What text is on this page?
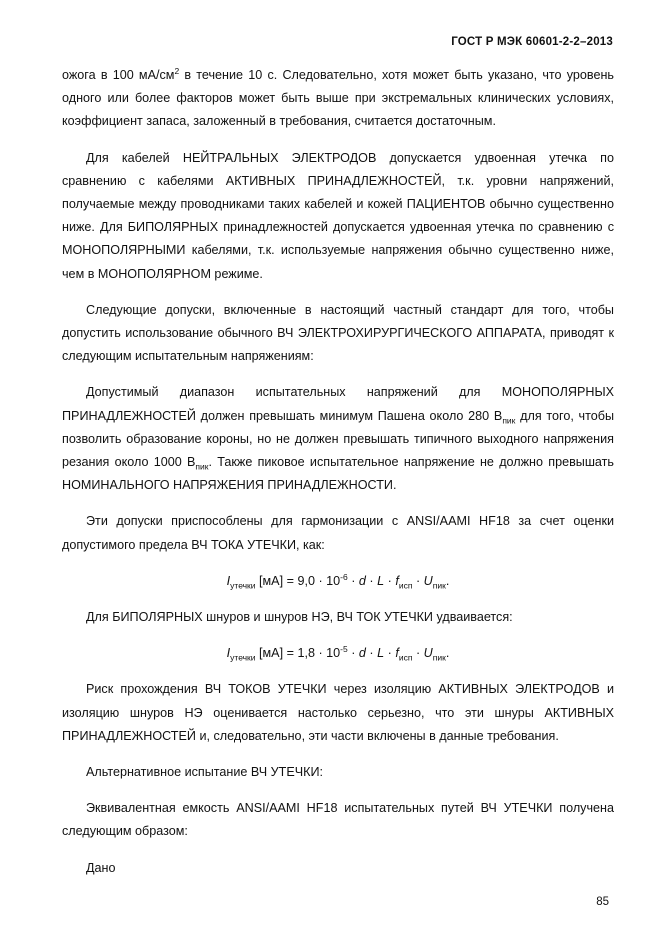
ГОСТ Р МЭК 60601-2-2–2013

ожога в 100 $мА/см^2$ в течение 10 с. Следовательно, хотя может быть указано, что уровень одного или более факторов может быть выше при экстремальных клинических условиях, коэффициент запаса, заложенный в требования, считается достаточным.

Для кабелей НЕЙТРАЛЬНЫХ ЭЛЕКТРОДОВ допускается удвоенная утечка по сравнению с кабелями АКТИВНЫХ ПРИНАДЛЕЖНОСТЕЙ, т.к. уровни напряжений, получаемые между проводниками таких кабелей и кожей ПАЦИЕНТОВ обычно существенно ниже. Для БИПОЛЯРНЫХ принадлежностей допускается удвоенная утечка по сравнению с МОНОПОЛЯРНЫМИ кабелями, т.к. используемые напряжения обычно существенно ниже, чем в МОНОПОЛЯРНОМ режиме.

Следующие допуски, включенные в настоящий частный стандарт для того, чтобы допустить использование обычного ВЧ ЭЛЕКТРОХИРУРГИЧЕСКОГО АППАРАТА, приводят к следующим испытательным напряжениям:

Допустимый диапазон испытательных напряжений для МОНОПОЛЯРНЫХ ПРИНАДЛЕЖНОСТЕЙ должен превышать минимум Пашена около 280 $В_{пик}$ для того, чтобы позволить образование короны, но не должен превышать типичного выходного напряжения резания около 1000 $В_{пик}$. Также пиковое испытательное напряжение не должно превышать НОМИНАЛЬНОГО НАПРЯЖЕНИЯ ПРИНАДЛЕЖНОСТИ.

Эти допуски приспособлены для гармонизации с ANSI/AAMI HF18 за счет оценки допустимого предела ВЧ ТОКА УТЕЧКИ, как:

$I_{утечки}$ $[мА] = 9,0 \cdot 10^{-6} \cdot d \cdot L \cdot f_{исп} \cdot U_{пик}$.

Для БИПОЛЯРНЫХ шнуров и шнуров НЭ, ВЧ ТОК УТЕЧКИ удваивается:

$I_{утечки}$ $[мА] = 1,8 \cdot 10^{-5} \cdot d \cdot L \cdot f_{исп} \cdot U_{пик}$.

Риск прохождения ВЧ ТОКОВ УТЕЧКИ через изоляцию АКТИВНЫХ ЭЛЕКТРОДОВ и изоляцию шнуров НЭ оценивается настолько серьезно, что эти шнуры АКТИВНЫХ ПРИНАДЛЕЖНОСТЕЙ и, следовательно, эти части включены в данные требования.

Альтернативное испытание ВЧ УТЕЧКИ:

Эквивалентная емкость ANSI/AAMI HF18 испытательных путей ВЧ УТЕЧКИ получена следующим образом:

Дано

85
